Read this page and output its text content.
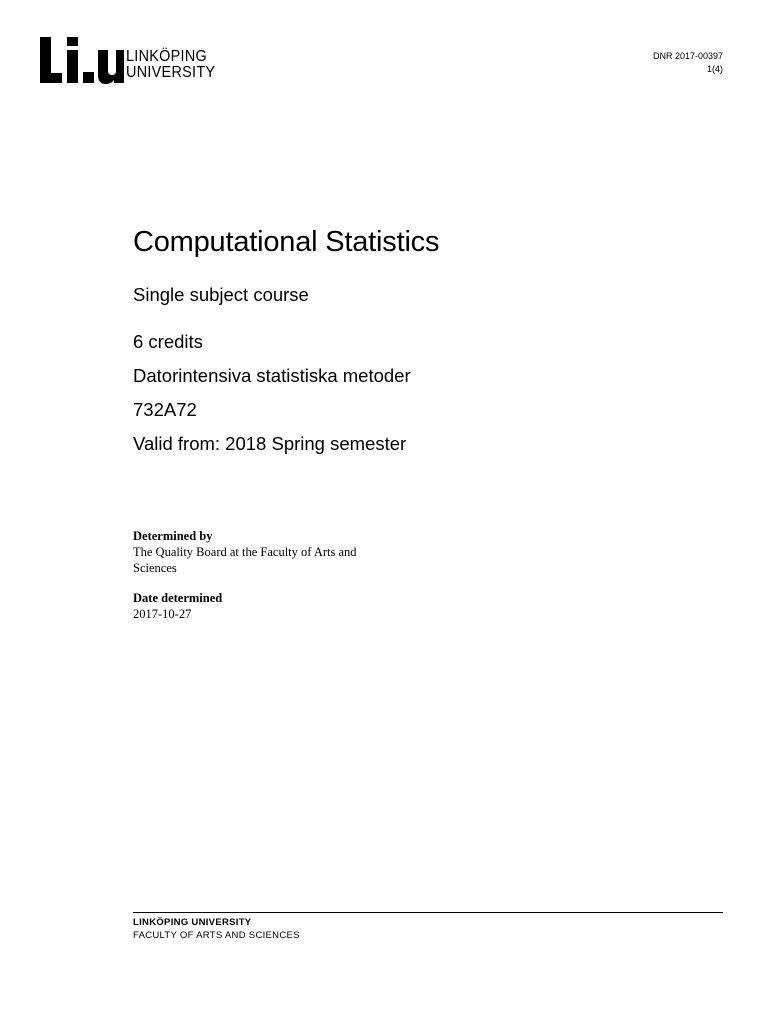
LINKÖPING
UNIVERSITY
DNR 2017-00397
1(4)
Computational Statistics
Single subject course
6 credits
Datorintensiva statistiska metoder
732A72
Valid from: 2018 Spring semester
Determined by
The Quality Board at the Faculty of Arts and Sciences
Date determined
2017-10-27
LINKÖPING UNIVERSITY
FACULTY OF ARTS AND SCIENCES
